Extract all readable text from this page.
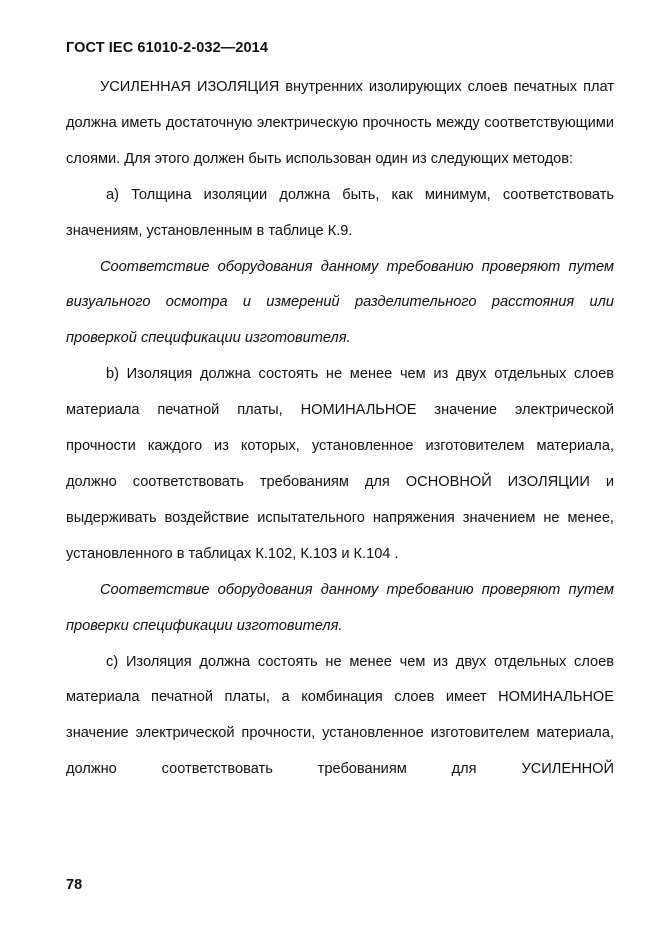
ГОСТ IEC 61010-2-032—2014

УСИЛЕННАЯ ИЗОЛЯЦИЯ внутренних изолирующих слоев печатных плат должна иметь достаточную электрическую прочность между соответствующими слоями. Для этого должен быть использован один из следующих методов:

a) Толщина изоляции должна быть, как минимум, соответствовать значениям, установленным в таблице К.9.

Соответствие оборудования данному требованию проверяют путем визуального осмотра и измерений разделительного расстояния или проверкой спецификации изготовителя.

b) Изоляция должна состоять не менее чем из двух отдельных слоев материала печатной платы, НОМИНАЛЬНОЕ значение электрической прочности каждого из которых, установленное изготовителем материала, должно соответствовать требованиям для ОСНОВНОЙ ИЗОЛЯЦИИ и выдерживать воздействие испытательного напряжения значением не менее, установленного в таблицах К.102, К.103 и К.104 .

Соответствие оборудования данному требованию проверяют путем проверки спецификации изготовителя.

c) Изоляция должна состоять не менее чем из двух отдельных слоев материала печатной платы, а комбинация слоев имеет НОМИНАЛЬНОЕ значение электрической прочности, установленное изготовителем материала, должно соответствовать требованиям для УСИЛЕННОЙ

78
